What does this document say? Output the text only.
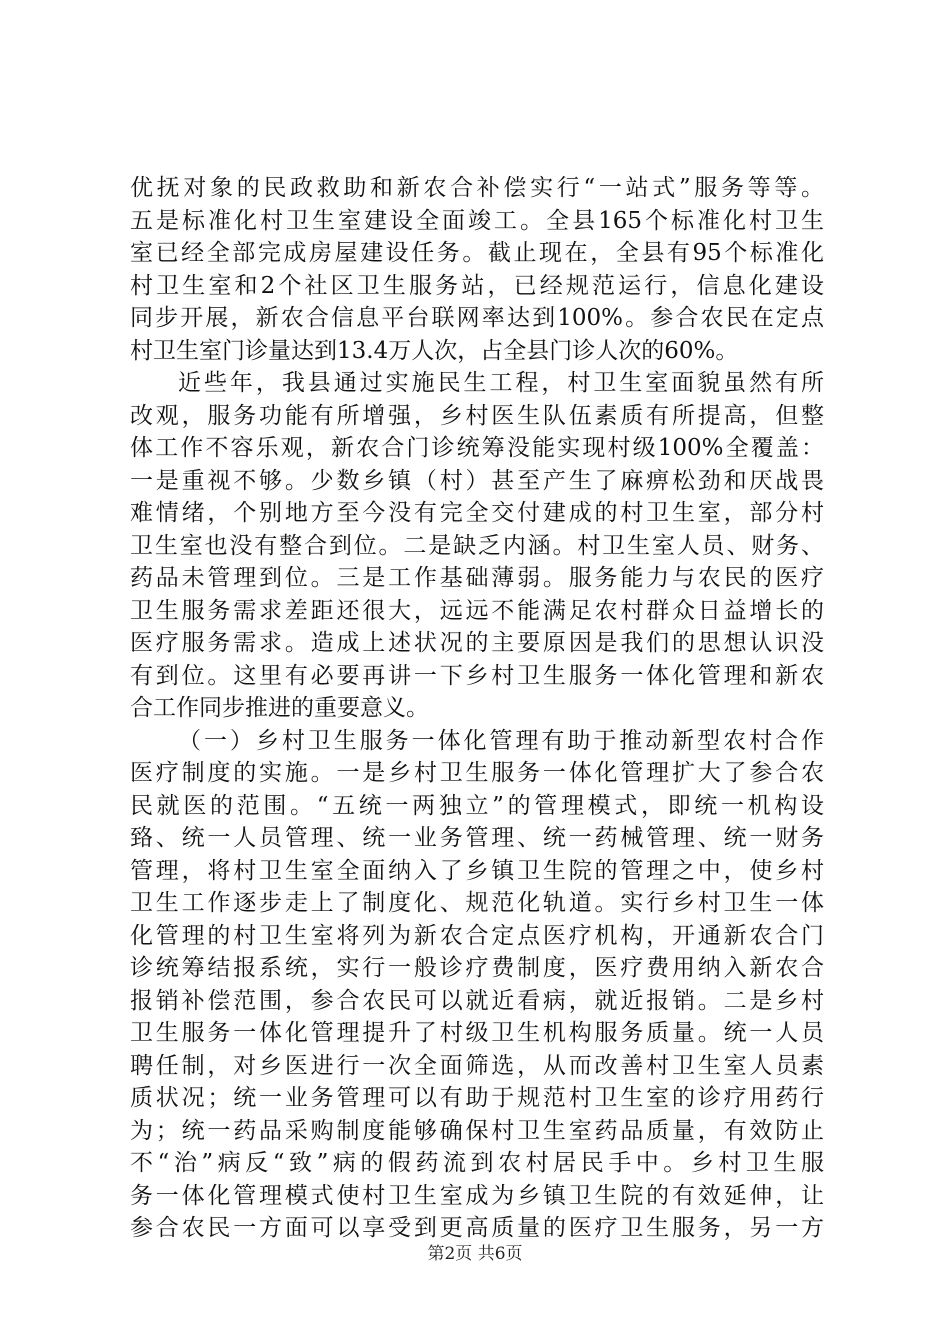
优抚对象的民政救助和新农合补偿实行“一站式”服务等等。
五是标准化村卫生室建设全面竣工。全县165个标准化村卫生
室已经全部完成房屋建设任务。截止现在，全县有95个标准化
村卫生室和2个社区卫生服务站，已经规范运行，信息化建设
同步开展，新农合信息平台联网率达到100%。参合农民在定点
村卫生室门诊量达到13.4万人次，占全县门诊人次的60%。
近些年，我县通过实施民生工程，村卫生室面貌虽然有所
改观，服务功能有所增强，乡村医生队伍素质有所提高，但整
体工作不容乐观，新农合门诊统筹没能实现村级100%全覆盖：
一是重视不够。少数乡镇（村）甚至产生了麻痹松劲和厌战畏
难情绪，个别地方至今没有完全交付建成的村卫生室，部分村
卫生室也没有整合到位。二是缺乏内涵。村卫生室人员、财务、
药品未管理到位。三是工作基础薄弱。服务能力与农民的医疗
卫生服务需求差距还很大，远远不能满足农村群众日益增长的
医疗服务需求。造成上述状况的主要原因是我们的思想认识没
有到位。这里有必要再讲一下乡村卫生服务一体化管理和新农
合工作同步推进的重要意义。
（一）乡村卫生服务一体化管理有助于推动新型农村合作
医疗制度的实施。一是乡村卫生服务一体化管理扩大了参合农
民就医的范围。“五统一两独立”的管理模式，即统一机构设
臵、统一人员管理、统一业务管理、统一药械管理、统一财务
管理，将村卫生室全面纳入了乡镇卫生院的管理之中，使乡村
卫生工作逐步走上了制度化、规范化轨道。实行乡村卫生一体
化管理的村卫生室将列为新农合定点医疗机构，开通新农合门
诊统筹结报系统，实行一般诊疗费制度，医疗费用纳入新农合
报销补偿范围，参合农民可以就近看病，就近报销。二是乡村
卫生服务一体化管理提升了村级卫生机构服务质量。统一人员
聘任制，对乡医进行一次全面筛选，从而改善村卫生室人员素
质状况；统一业务管理可以有助于规范村卫生室的诊疗用药行
为；统一药品采购制度能够确保村卫生室药品质量，有效防止
不“治”病反“致”病的假药流到农村居民手中。乡村卫生服
务一体化管理模式使村卫生室成为乡镇卫生院的有效延伸，让
参合农民一方面可以享受到更高质量的医疗卫生服务，另一方
第2页 共6页
